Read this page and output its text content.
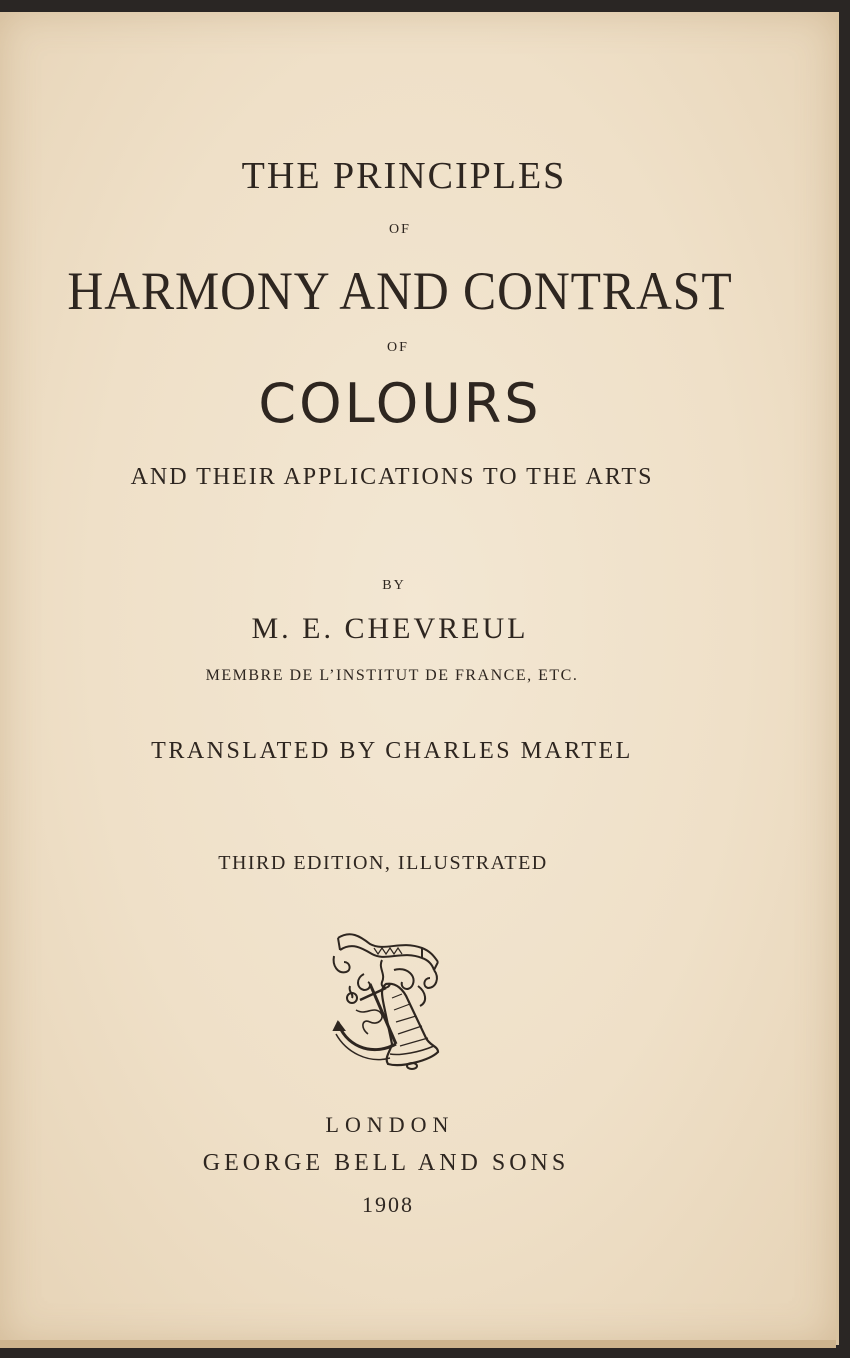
THE PRINCIPLES
OF
HARMONY AND CONTRAST
OF
COLOURS
AND THEIR APPLICATIONS TO THE ARTS
BY
M. E. CHEVREUL
MEMBRE DE L’INSTITUT DE FRANCE, ETC.
TRANSLATED BY CHARLES MARTEL
THIRD EDITION, ILLUSTRATED
LONDON
GEORGE BELL AND SONS
1908
